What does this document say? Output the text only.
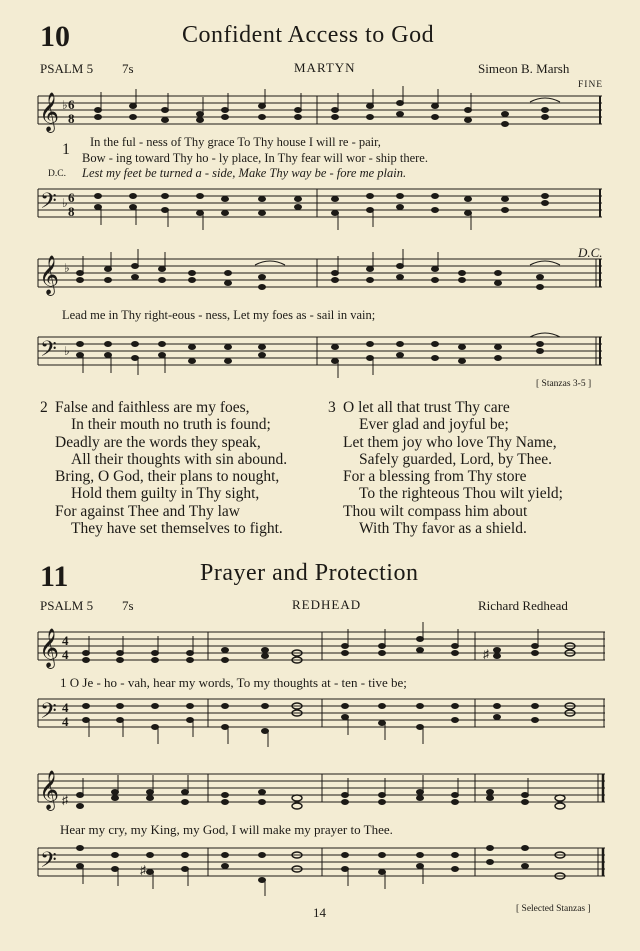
10	Confident Access to God
PSALM 5 7s	MARTYN	Simeon B. Marsh
FINE
𝄞 ♭ 6
8
1 In the ful - ness of Thy grace To Thy house I will re - pair,
Bow - ing toward Thy ho - ly place, In Thy fear will wor - ship there.
D.C. Lest my feet be turned a - side, Make Thy way be - fore me plain.
𝄢 ♭ 6
8
𝄞 ♭
D.C.
Lead me in Thy right-eous - ness, Let my foes as - sail in vain;
𝄢 ♭
[ Stanzas 3-5 ]
2 False and faithless are my foes,
In their mouth no truth is found;
Deadly are the words they speak,
All their thoughts with sin abound.
Bring, O God, their plans to nought,
Hold them guilty in Thy sight,
For against Thee and Thy law
They have set themselves to fight.
3 O let all that trust Thy care
Ever glad and joyful be;
Let them joy who love Thy Name,
Safely guarded, Lord, by Thee.
For a blessing from Thy store
To the righteous Thou wilt yield;
Thou wilt compass him about
With Thy favor as a shield.
11	Prayer and Protection
PSALM 5 7s	REDHEAD	Richard Redhead
𝄞 4
4	♯
1 O Je - ho - vah, hear my words, To my thoughts at - ten - tive be;
𝄢 4
4
𝄞 ♯
Hear my cry, my King, my God, I will make my prayer to Thee.
𝄢	♯
14	[ Selected Stanzas ]
